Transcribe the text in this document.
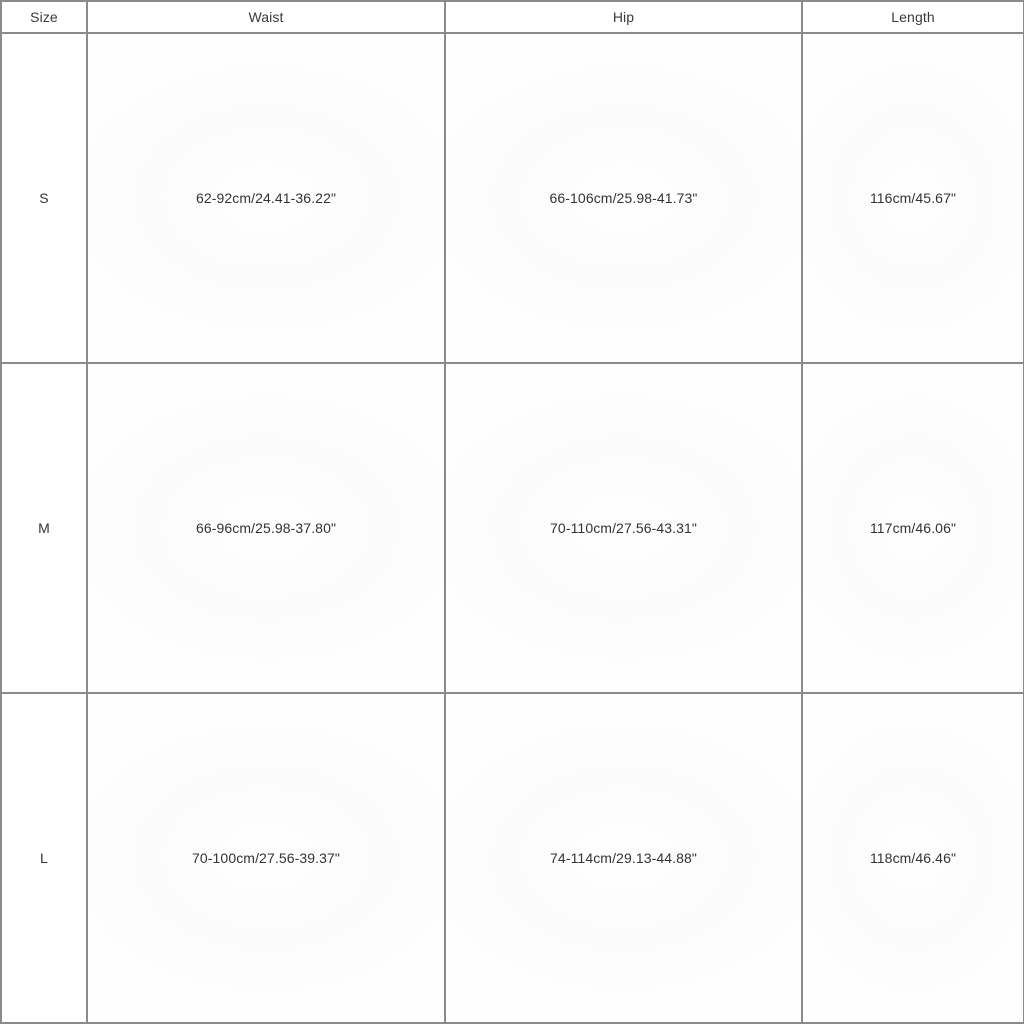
Size	Waist	Hip	Length
S	62-92cm/24.41-36.22"	66-106cm/25.98-41.73"	116cm/45.67"
M	66-96cm/25.98-37.80"	70-110cm/27.56-43.31"	117cm/46.06"
L	70-100cm/27.56-39.37"	74-114cm/29.13-44.88"	118cm/46.46"
